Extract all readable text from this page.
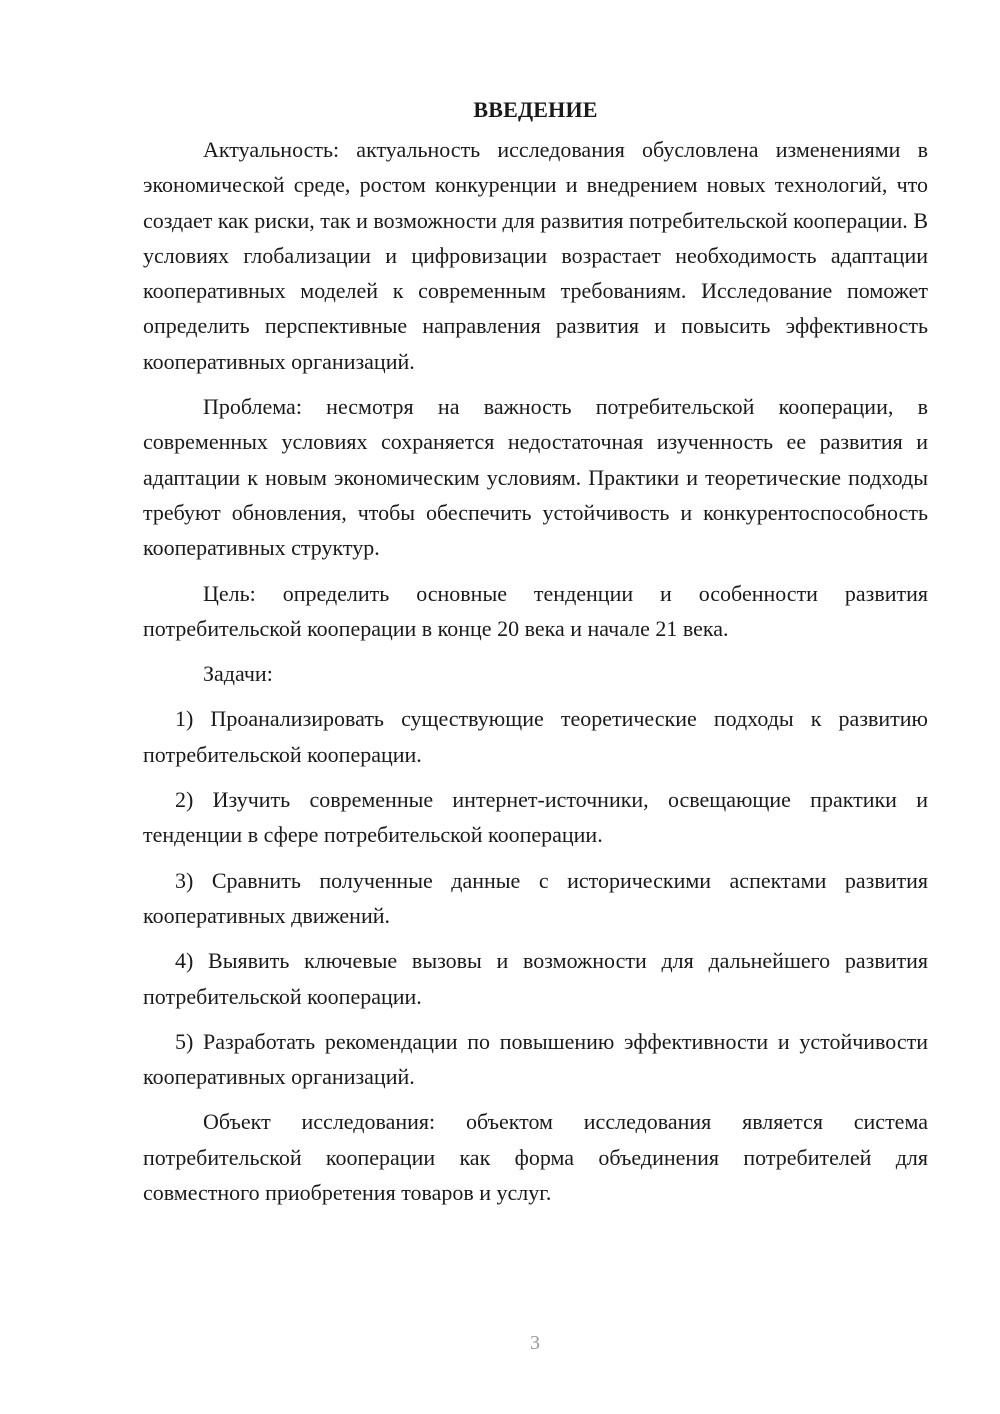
ВВЕДЕНИЕ

Актуальность: актуальность исследования обусловлена изменениями в экономической среде, ростом конкуренции и внедрением новых технологий, что создает как риски, так и возможности для развития потребительской кооперации. В условиях глобализации и цифровизации возрастает необходимость адаптации кооперативных моделей к современным требованиям. Исследование поможет определить перспективные направления развития и повысить эффективность кооперативных организаций.

Проблема: несмотря на важность потребительской кооперации, в современных условиях сохраняется недостаточная изученность ее развития и адаптации к новым экономическим условиям. Практики и теоретические подходы требуют обновления, чтобы обеспечить устойчивость и конкурентоспособность кооперативных структур.

Цель: определить основные тенденции и особенности развития потребительской кооперации в конце 20 века и начале 21 века.

Задачи:

1) Проанализировать существующие теоретические подходы к развитию потребительской кооперации.

2) Изучить современные интернет-источники, освещающие практики и тенденции в сфере потребительской кооперации.

3) Сравнить полученные данные с историческими аспектами развития кооперативных движений.

4) Выявить ключевые вызовы и возможности для дальнейшего развития потребительской кооперации.

5) Разработать рекомендации по повышению эффективности и устойчивости кооперативных организаций.

Объект исследования: объектом исследования является система потребительской кооперации как форма объединения потребителей для совместного приобретения товаров и услуг.

3
